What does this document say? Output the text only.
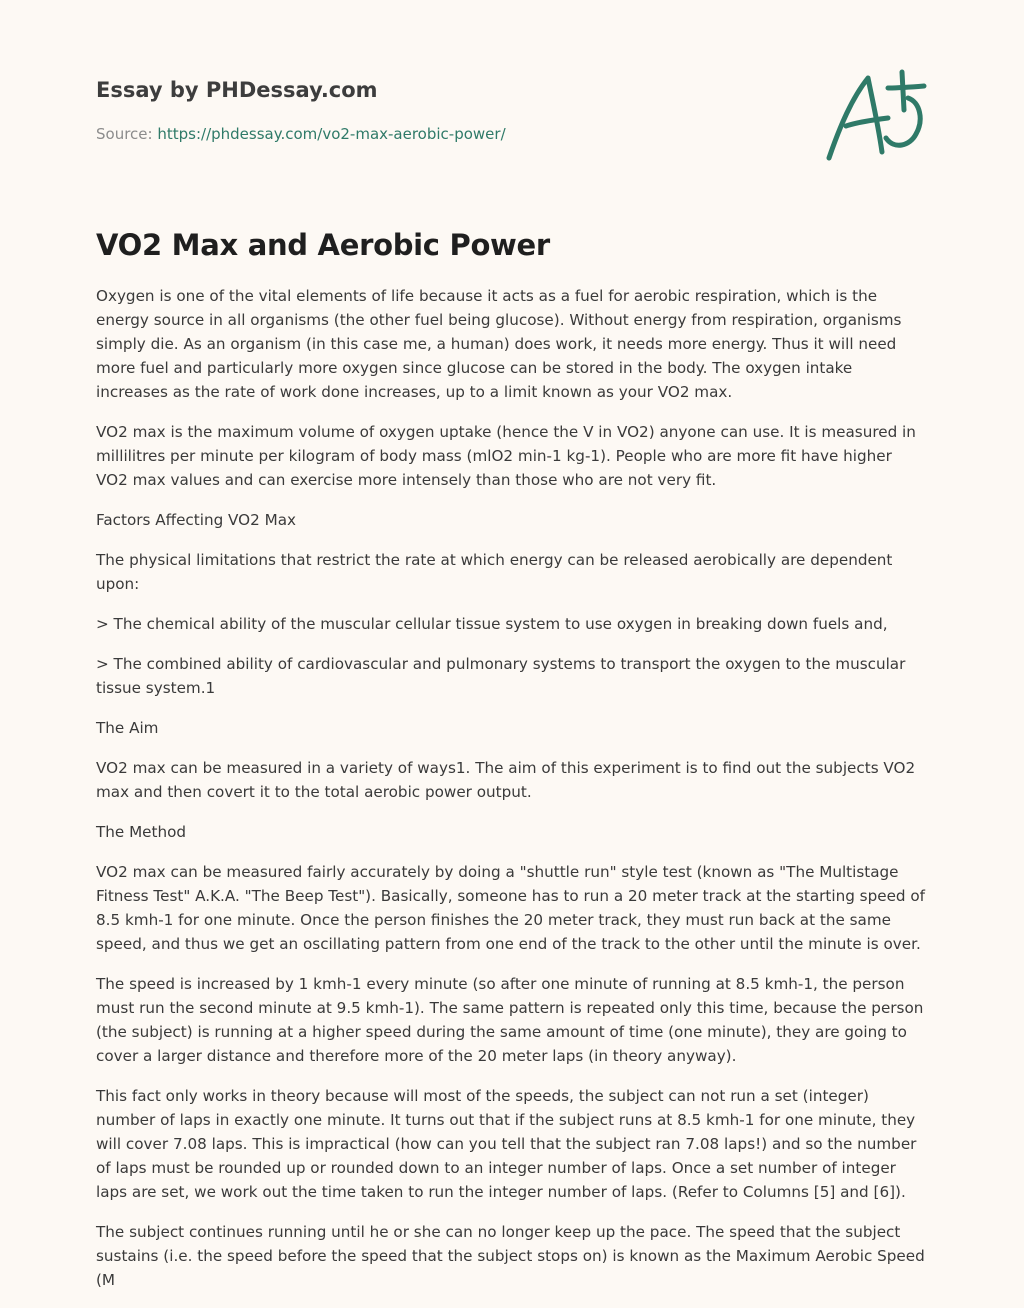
Essay by PHDessay.com
Source: https://phdessay.com/vo2-max-aerobic-power/
VO2 Max and Aerobic Power

Oxygen is one of the vital elements of life because it acts as a fuel for aerobic respiration, which is the energy source in all organisms (the other fuel being glucose). Without energy from respiration, organisms simply die. As an organism (in this case me, a human) does work, it needs more energy. Thus it will need more fuel and particularly more oxygen since glucose can be stored in the body. The oxygen intake increases as the rate of work done increases, up to a limit known as your VO2 max.

VO2 max is the maximum volume of oxygen uptake (hence the V in VO2) anyone can use. It is measured in millilitres per minute per kilogram of body mass (mlO2 min-1 kg-1). People who are more fit have higher VO2 max values and can exercise more intensely than those who are not very fit.

Factors Affecting VO2 Max

The physical limitations that restrict the rate at which energy can be released aerobically are dependent upon:

> The chemical ability of the muscular cellular tissue system to use oxygen in breaking down fuels and,

> The combined ability of cardiovascular and pulmonary systems to transport the oxygen to the muscular tissue system.1

The Aim

VO2 max can be measured in a variety of ways1. The aim of this experiment is to find out the subjects VO2 max and then covert it to the total aerobic power output.

The Method

VO2 max can be measured fairly accurately by doing a "shuttle run" style test (known as "The Multistage Fitness Test" A.K.A. "The Beep Test"). Basically, someone has to run a 20 meter track at the starting speed of 8.5 kmh-1 for one minute. Once the person finishes the 20 meter track, they must run back at the same speed, and thus we get an oscillating pattern from one end of the track to the other until the minute is over.

The speed is increased by 1 kmh-1 every minute (so after one minute of running at 8.5 kmh-1, the person must run the second minute at 9.5 kmh-1). The same pattern is repeated only this time, because the person (the subject) is running at a higher speed during the same amount of time (one minute), they are going to cover a larger distance and therefore more of the 20 meter laps (in theory anyway).

This fact only works in theory because will most of the speeds, the subject can not run a set (integer) number of laps in exactly one minute. It turns out that if the subject runs at 8.5 kmh-1 for one minute, they will cover 7.08 laps. This is impractical (how can you tell that the subject ran 7.08 laps!) and so the number of laps must be rounded up or rounded down to an integer number of laps. Once a set number of integer laps are set, we work out the time taken to run the integer number of laps. (Refer to Columns [5] and [6]).

The subject continues running until he or she can no longer keep up the pace. The speed that the subject sustains (i.e. the speed before the speed that the subject stops on) is known as the Maximum Aerobic Speed (M
